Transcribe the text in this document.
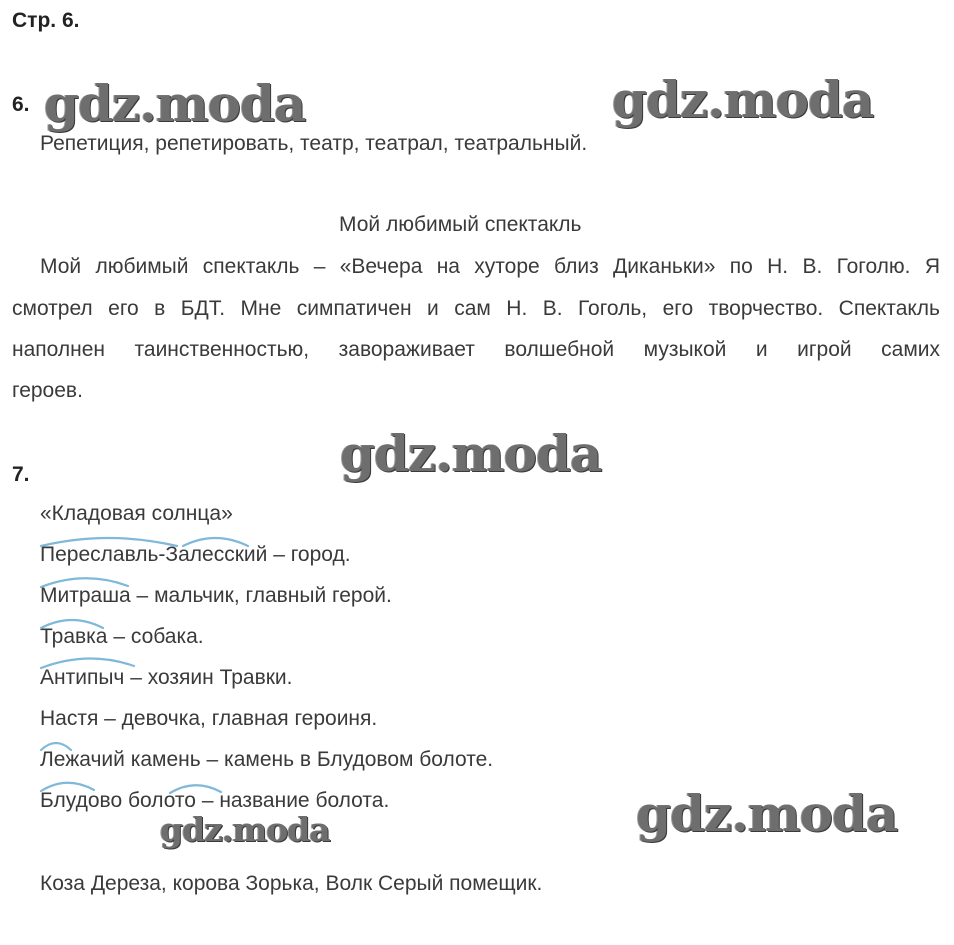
Стр. 6.
gdz.moda	gdz.moda
gdz.moda
gdz.moda
gdz.moda
6.
Репетиция, репетировать, театр, театрал, театральный.
Мой любимый спектакль
Мой любимый спектакль – «Вечера на хуторе близ Диканьки» по Н. В. Гоголю. Я
смотрел его в БДТ. Мне симпатичен и сам Н. В. Гоголь, его творчество. Спектакль
наполнен таинственностью, завораживает волшебной музыкой и игрой самих
героев.
7.
«Кладовая солнца»
Переславль-Залесский – город.
Митраша – мальчик, главный герой.
Травка – собака.
Антипыч – хозяин Травки.
Настя – девочка, главная героиня.
Лежачий камень – камень в Блудовом болоте.
Блудово болото – название болота.
Коза Дереза, корова Зорька, Волк Серый помещик.
